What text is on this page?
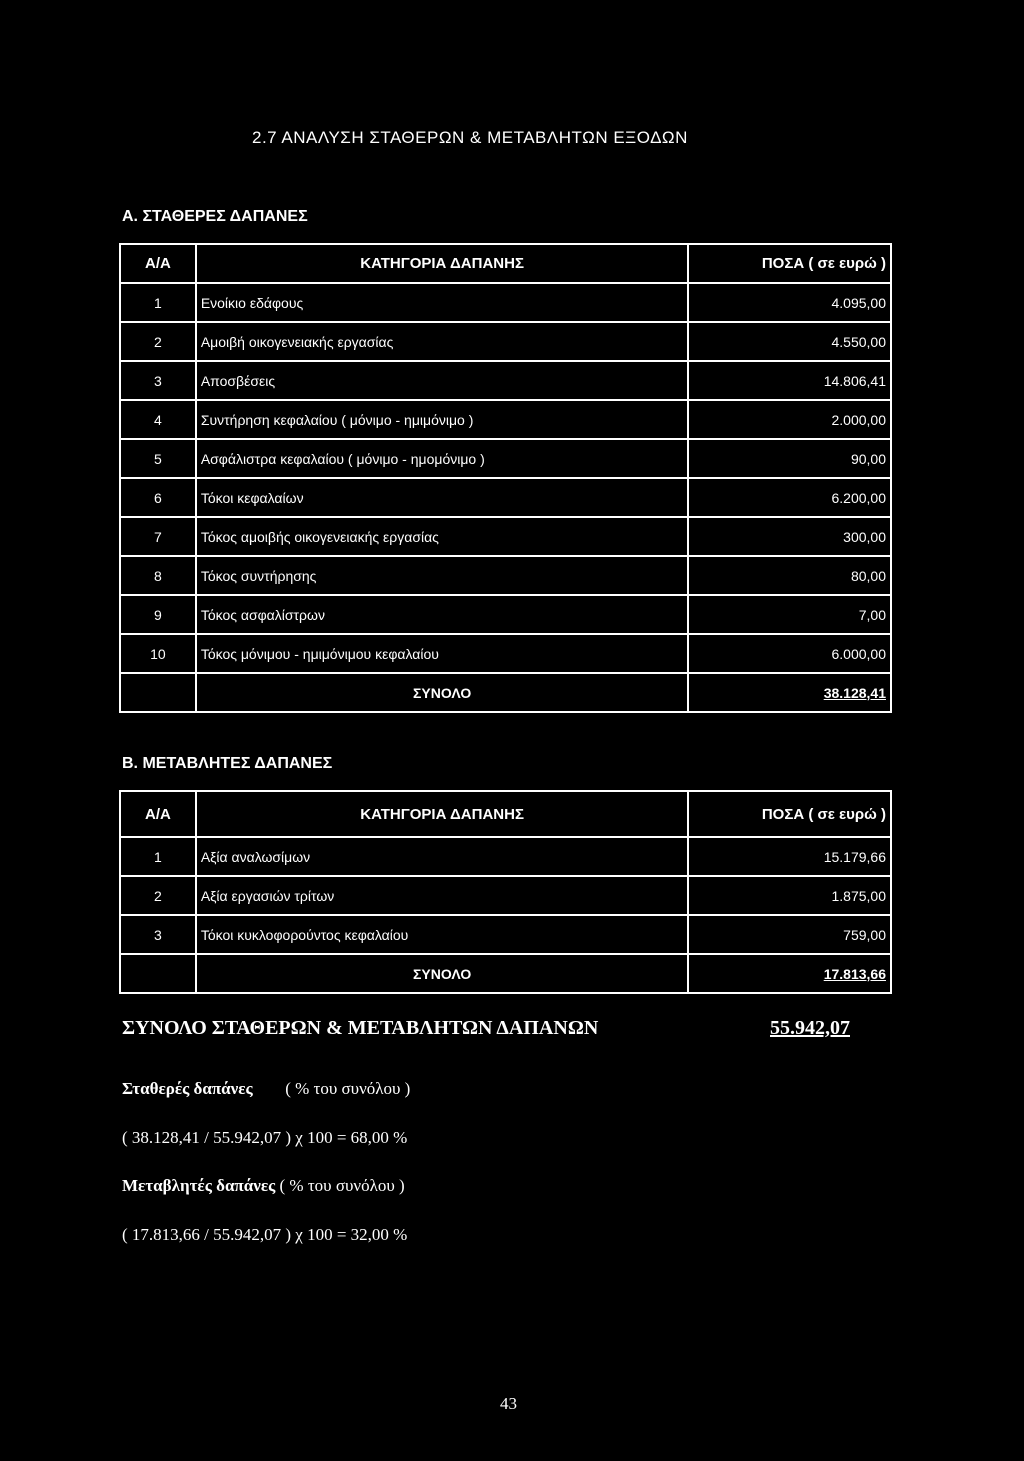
2.7 ΑΝΑΛΥΣΗ ΣΤΑΘΕΡΩΝ & ΜΕΤΑΒΛΗΤΩΝ ΕΞΟΔΩΝ
Α. ΣΤΑΘΕΡΕΣ ΔΑΠΑΝΕΣ
Α/Α	ΚΑΤΗΓΟΡΙΑ ΔΑΠΑΝΗΣ	ΠΟΣΑ ( σε ευρώ )
1	Ενοίκιο εδάφους	4.095,00
2	Αμοιβή οικογενειακής εργασίας	4.550,00
3	Αποσβέσεις	14.806,41
4	Συντήρηση κεφαλαίου ( μόνιμο - ημιμόνιμο )	2.000,00
5	Ασφάλιστρα κεφαλαίου ( μόνιμο - ημομόνιμο )	90,00
6	Τόκοι κεφαλαίων	6.200,00
7	Τόκος αμοιβής οικογενειακής εργασίας	300,00
8	Τόκος συντήρησης	80,00
9	Τόκος ασφαλίστρων	7,00
10	Τόκος μόνιμου - ημιμόνιμου κεφαλαίου	6.000,00
	ΣΥΝΟΛΟ	38.128,41
Β. ΜΕΤΑΒΛΗΤΕΣ ΔΑΠΑΝΕΣ
Α/Α	ΚΑΤΗΓΟΡΙΑ ΔΑΠΑΝΗΣ	ΠΟΣΑ ( σε ευρώ )
1	Αξία αναλωσίμων	15.179,66
2	Αξία εργασιών τρίτων	1.875,00
3	Τόκοι κυκλοφορούντος κεφαλαίου	759,00
	ΣΥΝΟΛΟ	17.813,66
ΣΥΝΟΛΟ ΣΤΑΘΕΡΩΝ & ΜΕΤΑΒΛΗΤΩΝ ΔΑΠΑΝΩΝ	55.942,07
Σταθερές δαπάνες ( % του συνόλου )
( 38.128,41 / 55.942,07 ) χ 100 = 68,00 %
Μεταβλητές δαπάνες ( % του συνόλου )
( 17.813,66 / 55.942,07 ) χ 100 = 32,00 %
43
